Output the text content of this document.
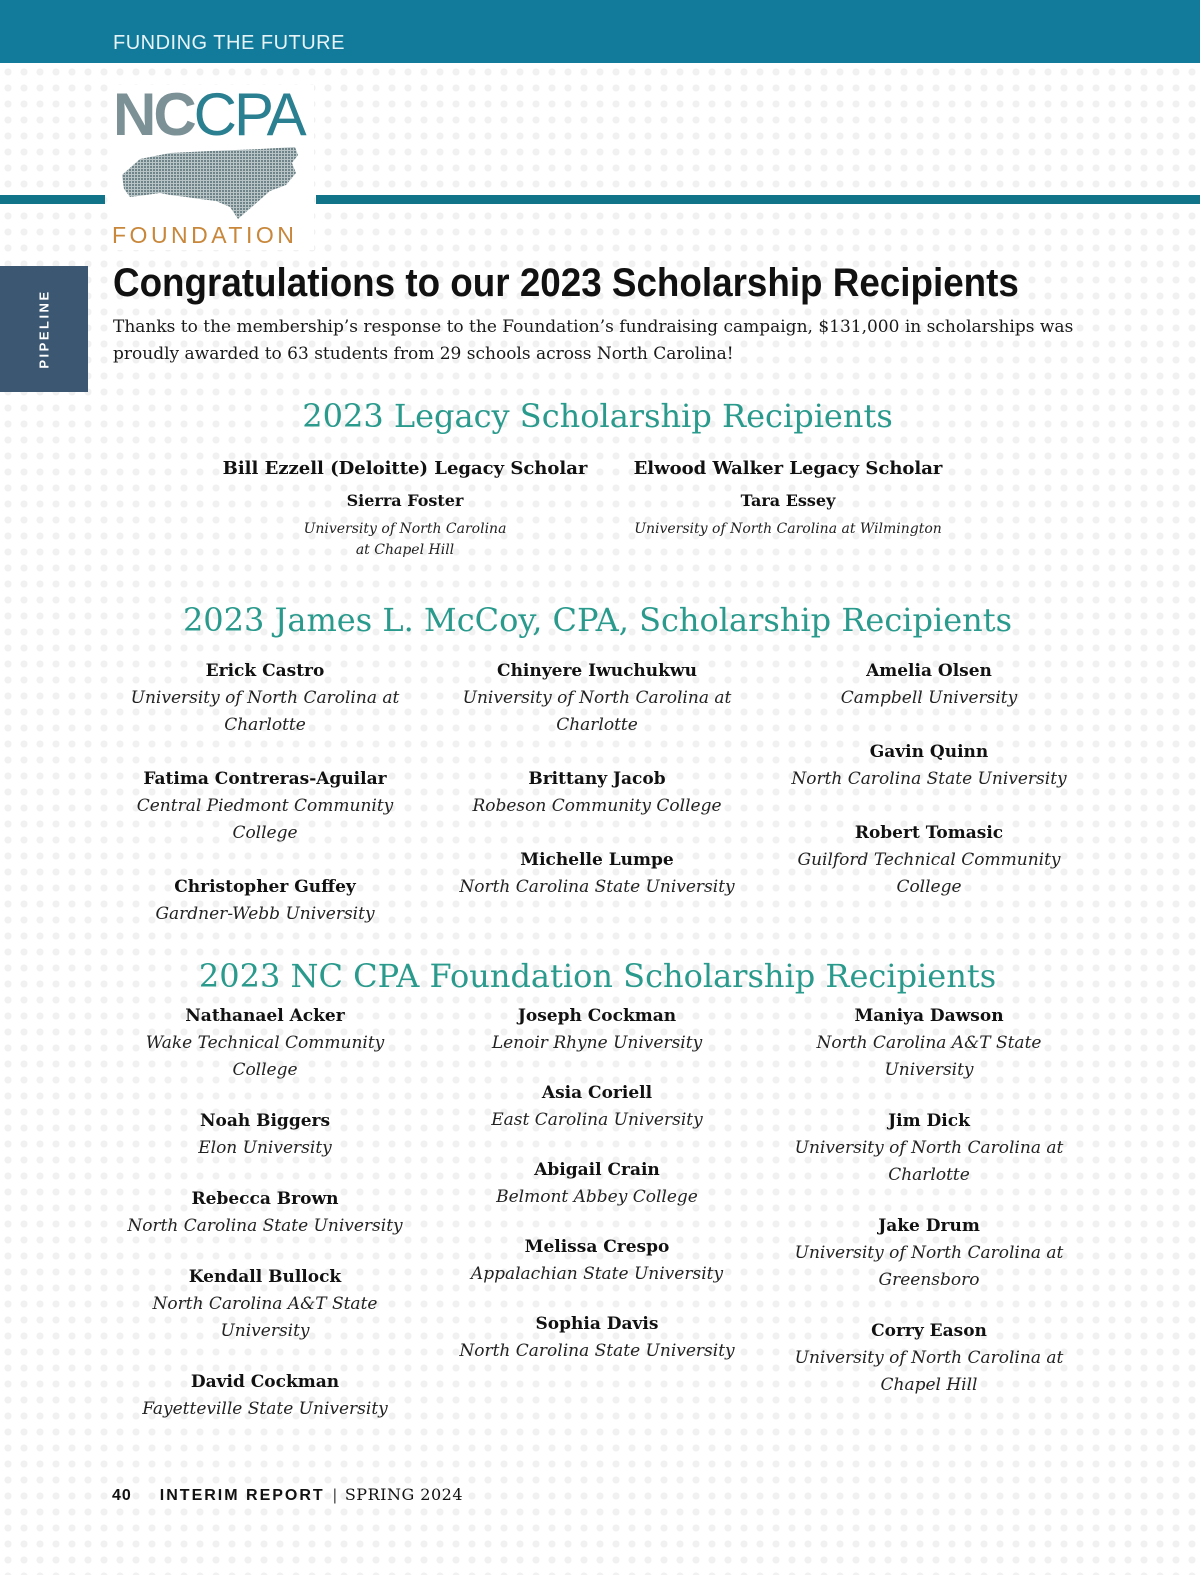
FUNDING THE FUTURE
NCCPA
FOUNDATION
PIPELINE
Congratulations to our 2023 Scholarship Recipients

Thanks to the membership’s response to the Foundation’s fundraising campaign, $131,000 in scholarships was proudly awarded to 63 students from 29 schools across North Carolina!

2023 Legacy Scholarship Recipients
Bill Ezzell (Deloitte) Legacy Scholar
Sierra Foster
University of North Carolina
at Chapel Hill
Elwood Walker Legacy Scholar
Tara Essey
University of North Carolina at Wilmington
2023 James L. McCoy, CPA, Scholarship Recipients
Erick Castro
University of North Carolina at Charlotte
Fatima Contreras-Aguilar
Central Piedmont Community College
Christopher Guffey
Gardner-Webb University
Chinyere Iwuchukwu
University of North Carolina at Charlotte
Brittany Jacob
Robeson Community College
Michelle Lumpe
North Carolina State University
Amelia Olsen
Campbell University
Gavin Quinn
North Carolina State University
Robert Tomasic
Guilford Technical Community College
2023 NC CPA Foundation Scholarship Recipients
Nathanael Acker
Wake Technical Community College
Noah Biggers
Elon University
Rebecca Brown
North Carolina State University
Kendall Bullock
North Carolina A&T State University
David Cockman
Fayetteville State University
Joseph Cockman
Lenoir Rhyne University
Asia Coriell
East Carolina University
Abigail Crain
Belmont Abbey College
Melissa Crespo
Appalachian State University
Sophia Davis
North Carolina State University
Maniya Dawson
North Carolina A&T State University
Jim Dick
University of North Carolina at Charlotte
Jake Drum
University of North Carolina at Greensboro
Corry Eason
University of North Carolina at Chapel Hill
40 INTERIM REPORT | SPRING 2024
